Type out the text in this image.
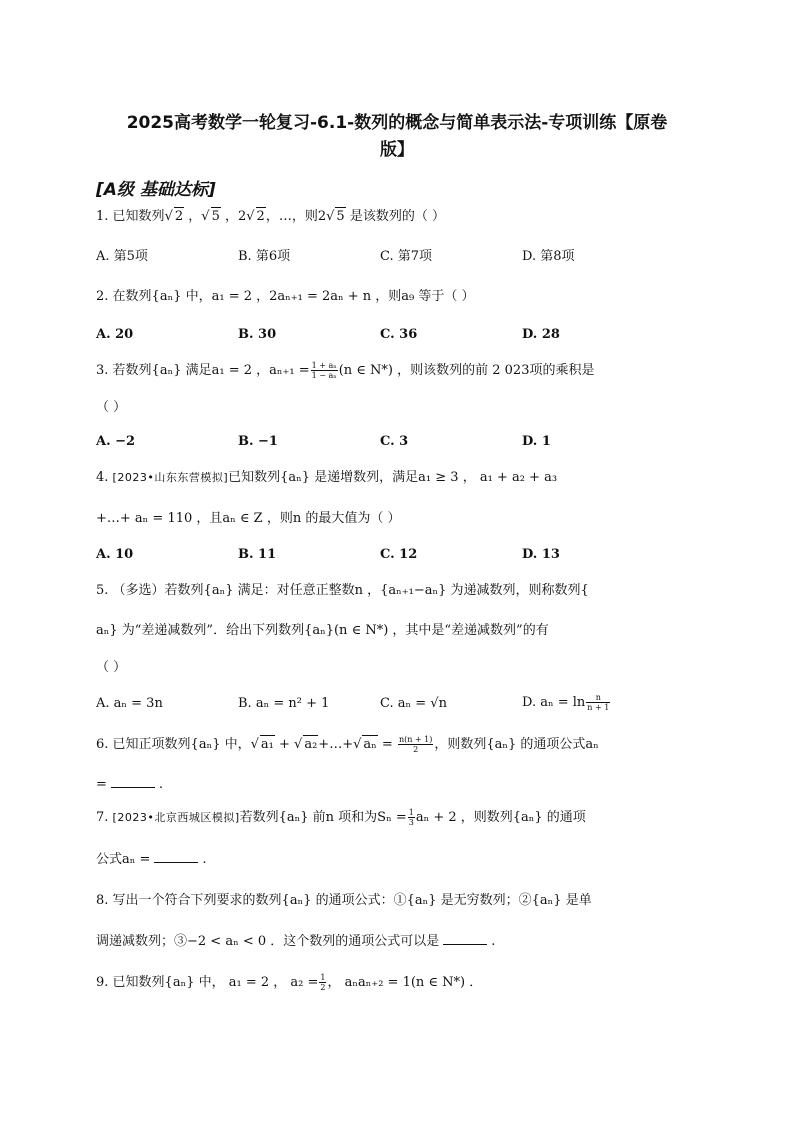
2025高考数学一轮复习-6.1-数列的概念与简单表示法-专项训练【原卷
版】
[A级 基础达标]
1. 已知数列√ 2 ，√ 5 ，2√ 2，…，则2√ 5 是该数列的（ ）
A. 第5项	B. 第6项	C. 第7项	D. 第8项
2. 在数列{aₙ} 中，a₁ = 2 ，2aₙ₊₁ = 2aₙ + n ，则a₉ 等于（ ）
A. 20	B. 30	C. 36	D. 28
3. 若数列{aₙ} 满足a₁ = 2 ，$a_{n+1} = \frac{\text{1 + aₙ}}{\text{1 − aₙ}} (n$ ∈ N*) ，则该数列的前 2 023项的乘积是
（ ）
A. −2	B. −1	C. 3	D. 1
4. [2023•山东东营模拟]已知数列{aₙ} 是递增数列，满足a₁ ≥ 3 ， a₁ + a₂ + a₃
+…+ aₙ = 110 ，且aₙ ∈ Z ，则n 的最大值为（ ）
A. 10	B. 11	C. 12	D. 13
5. （多选）若数列{aₙ} 满足：对任意正整数n ，{aₙ₊₁−aₙ} 为递减数列，则称数列{
aₙ} 为“差递减数列”．给出下列数列{aₙ}(n ∈ N*) ，其中是“差递减数列”的有
（ ）
A. aₙ = 3n	B. aₙ = n² + 1	C. aₙ = √n	D. $a_n = \ln \frac{n}{n + 1}$
6. 已知正项数列{aₙ} 中，√ a₁ + √ a₂+…+√ $a_n = \frac{n(n + 1)}{2}$ ，则数列{aₙ} 的通项公式aₙ
=	.
7. [2023•北京西城区模拟]若数列{aₙ} 前n 项和为$S_n = \frac{1}{3}$ aₙ + 2 ，则数列{aₙ} 的通项
公式aₙ =	.
8. 写出一个符合下列要求的数列{aₙ} 的通项公式：①{aₙ} 是无穷数列；②{aₙ} 是单
调递减数列；③−2 < aₙ < 0 ．这个数列的通项公式可以是	.
9. 已知数列{aₙ} 中， a₁ = 2 ， $a_2 = \frac{1}{2}$ ， aₙaₙ₊₂ = 1(n ∈ N*) ．
